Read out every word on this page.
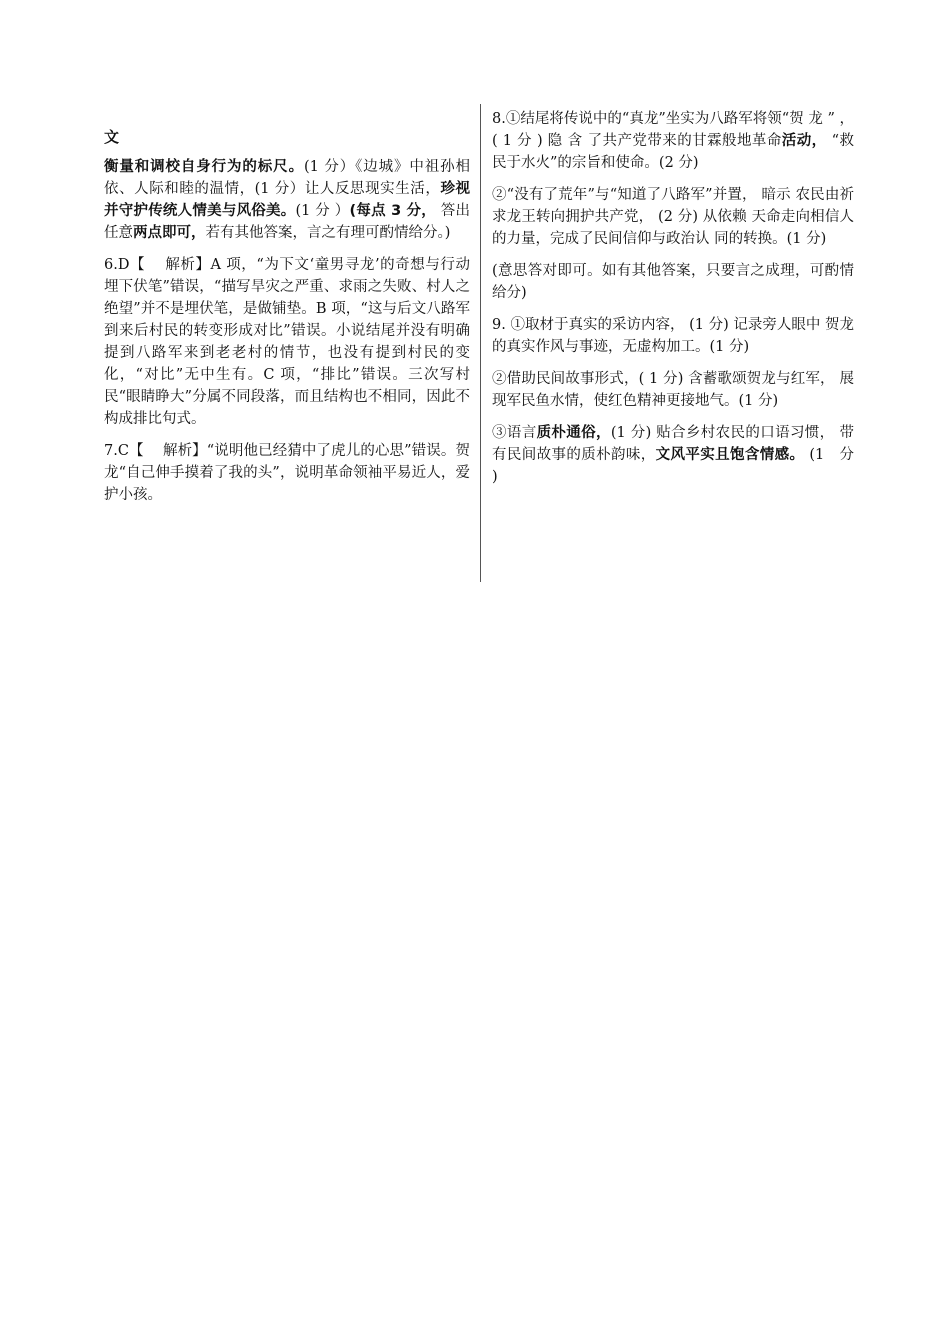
文

衡量和调校自身行为的标尺。(1 分）《边城》中祖孙相依、人际和睦的温情，(1 分）让人反思现实生活，珍视并守护传统人情美与风俗美。(1 分 ）(每点 3 分， 答出任意两点即可，若有其他答案，言之有理可酌情给分。)

6.D【　 解析】A 项，“为下文‘童男寻龙’的奇想与行动埋下伏笔”错误，“描写旱灾之严重、求雨之失败、村人之绝望”并不是埋伏笔，是做铺垫。B 项，“这与后文八路军到来后村民的转变形成对比”错误。小说结尾并没有明确提到八路军来到老老村的情节，也没有提到村民的变化，“对比”无中生有。C 项，“排比”错误。三次写村民“眼睛睁大”分属不同段落，而且结构也不相同，因此不构成排比句式。

7.C【　 解析】“说明他已经猜中了虎儿的心思”错误。贺龙“自己伸手摸着了我的头”，说明革命领袖平易近人，爱护小孩。

8.①结尾将传说中的“真龙”坐实为八路军将领“贺 龙 ” ，( 1 分 ) 隐 含 了共产党带来的甘霖般地革命活动， “救民于水火”的宗旨和使命。(2 分)

②“没有了荒年”与“知道了八路军”并置， 暗示 农民由祈求龙王转向拥护共产党， (2 分) 从依赖 天命走向相信人的力量，完成了民间信仰与政治认 同的转换。(1 分)

(意思答对即可。如有其他答案，只要言之成理，可酌情给分)

9. ①取材于真实的采访内容， (1 分) 记录旁人眼中 贺龙的真实作风与事迹，无虚构加工。(1 分)

②借助民间故事形式，( 1 分) 含蓄歌颂贺龙与红军， 展现军民鱼水情，使红色精神更接地气。(1 分)

③语言质朴通俗，(1 分) 贴合乡村农民的口语习惯， 带有民间故事的质朴韵味，文风平实且饱含情感。 (1　分 )
